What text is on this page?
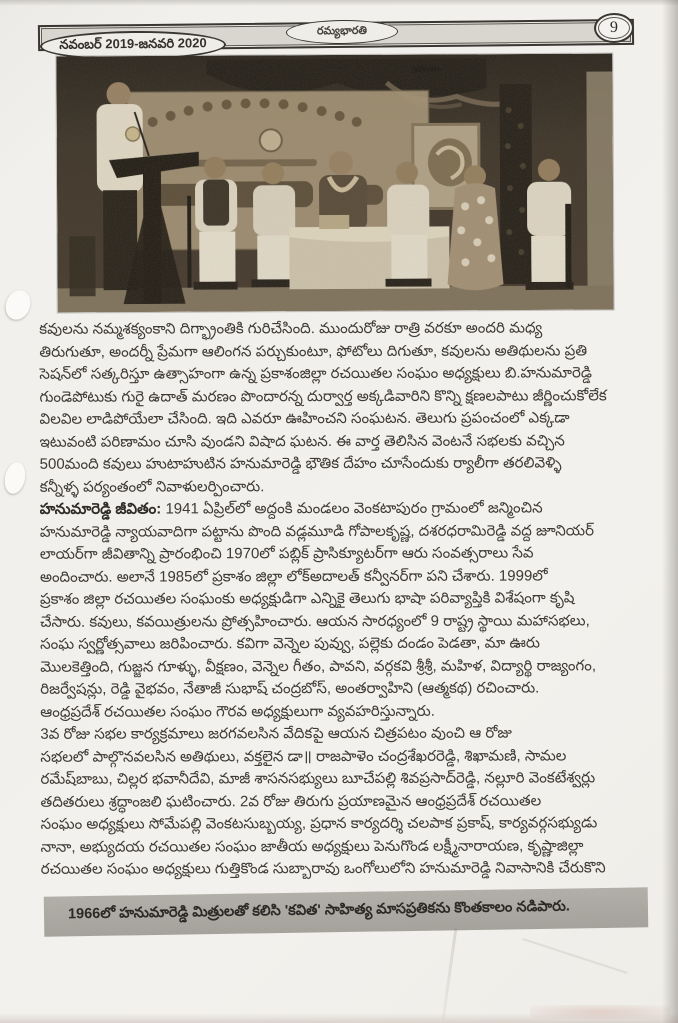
నవంబర్ 2019-జనవరి 2020
రమ్యభారతి	9
కవులను నమ్మశక్యంకాని దిగ్భ్రాంతికి గురిచేసింది. ముందురోజు రాత్రి వరకూ అందరి మధ్య
తిరుగుతూ, అందర్నీ ప్రేమగా ఆలింగన పర్చుకుంటూ, ఫోటోలు దిగుతూ, కవులను అతిథులను ప్రతి
సెషన్‌లో సత్కరిస్తూ ఉత్సాహంగా ఉన్న ప్రకాశంజిల్లా రచయితల సంఘం అధ్యక్షులు బి.హనుమారెడ్డి
గుండెపోటుకు గురై ఉదాత్ మరణం పొందారన్న దుర్వార్త అక్కడివారిని కొన్ని క్షణలపాటు జీర్ణించుకోలేక
విలవిల లాడిపోయేలా చేసింది. ఇది ఎవరూ ఊహించని సంఘటన. తెలుగు ప్రపంచంలో ఎక్కడా
ఇటువంటి పరిణామం చూసి వుండని విషాద ఘటన. ఈ వార్త తెలిసిన వెంటనే సభలకు వచ్చిన
500మంది కవులు హుటాహుటిన హనుమారెడ్డి భౌతిక దేహం చూసేందుకు ర్యాలీగా తరలివెళ్ళి
కన్నీళ్ళ పర్యంతంలో నివాళులర్పించారు.
హనుమారెడ్డి జీవితం: 1941 ఏప్రిల్‌లో అద్దంకి మండలం వెంకటాపురం గ్రామంలో జన్మించిన
హనుమారెడ్డి న్యాయవాదిగా పట్టాను పొంది వడ్లమూడి గోపాలకృష్ణ, దశరధరామిరెడ్డి వద్ద జూనియర్
లాయర్‌గా జీవితాన్ని ప్రారంభించి 1970లో పబ్లిక్ ప్రాసిక్యూటర్‌గా ఆరు సంవత్సరాలు సేవ
అందించారు. అలానే 1985లో ప్రకాశం జిల్లా లోక్‌అదాలత్ కన్వీనర్‌గా పని చేశారు. 1999లో
ప్రకాశం జిల్లా రచయితల సంఘంకు అధ్యక్షుడిగా ఎన్నికై తెలుగు భాషా పరివ్యాప్తికి విశేషంగా కృషి
చేసారు. కవులు, కవయిత్రులను ప్రోత్సహించారు. ఆయన సారధ్యంలో 9 రాష్ట్ర స్థాయి మహాసభలు,
సంఘ స్వర్ణోత్సవాలు జరిపించారు. కవిగా వెన్నెల పువ్వు, పల్లెకు దండం పెడతా, మా ఊరు
మొలకెత్తింది, గుజ్జన గూళ్ళు, వీక్షణం, వెన్నెల గీతం, పావని, వర్గకవి శ్రీశ్రీ, మహిళ, విద్యార్థి రాజ్యంగం,
రిజర్వేషన్లు, రెడ్డి వైభవం, నేతాజీ సుభాష్ చంద్రబోస్, అంతర్వాహిని (ఆత్మకథ) రచించారు.
ఆంధ్రప్రదేశ్ రచయితల సంఘం గౌరవ అధ్యక్షులుగా వ్యవహరిస్తున్నారు.
3వ రోజు సభల కార్యక్రమాలు జరగవలసిన వేదికపై ఆయన చిత్రపటం వుంచి ఆ రోజు
సభలలో పాల్గొనవలసిన అతిథులు, వక్తలైన డా॥ రాజపాళెం చంద్రశేఖరరెడ్డి, శిఖామణి, సామల
రమేష్‌బాబు, చిల్లర భవానీదేవి, మాజీ శాసనసభ్యులు బూచేపల్లి శివప్రసాద్‌రెడ్డి, నల్లూరి వెంకటేశ్వర్లు
తదితరులు శ్రద్ధాంజలి ఘటించారు. 2వ రోజు తిరుగు ప్రయాణమైన ఆంధ్రప్రదేశ్ రచయితల
సంఘం అధ్యక్షులు సోమేపల్లి వెంకటసుబ్బయ్య, ప్రధాన కార్యదర్శి చలపాక ప్రకాష్, కార్యవర్గసభ్యుడు
నానా, అభ్యుదయ రచయితల సంఘం జాతీయ అధ్యక్షులు పెనుగొండ లక్ష్మీనారాయణ, కృష్ణాజిల్లా
రచయితల సంఘం అధ్యక్షులు గుత్తికొండ సుబ్బారావు ఒంగోలులోని హనుమారెడ్డి నివాసానికి చేరుకొని
1966లో హనుమారెడ్డి మిత్రులతో కలిసి 'కవిత' సాహిత్య మాసప్రతికను కొంతకాలం నడిపారు.
